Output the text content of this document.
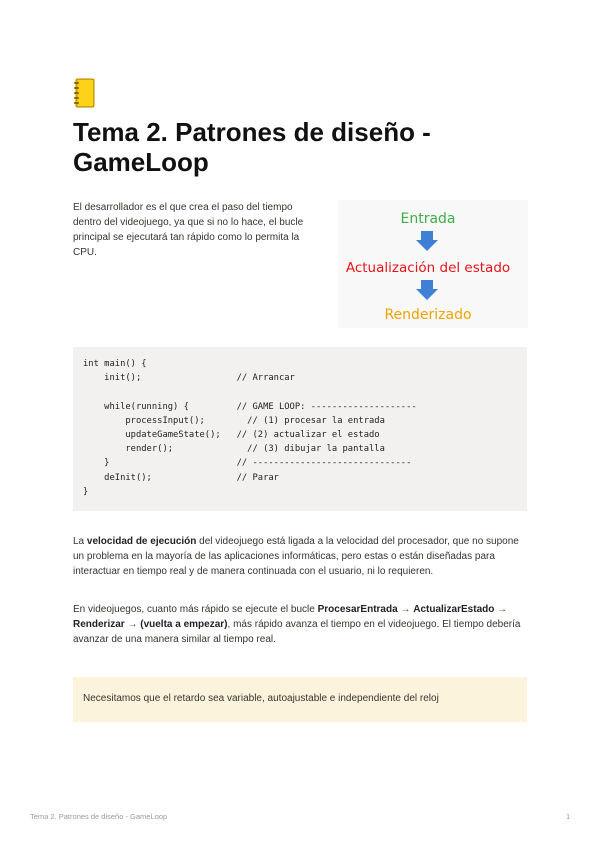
Tema 2. Patrones de diseño - GameLoop

El desarrollador es el que crea el paso del tiempo dentro del videojuego, ya que si no lo hace, el bucle principal se ejecutará tan rápido como lo permita la CPU.

Entrada
Actualización del estado
Renderizado
int main() {
init();                  // Arrancar
while(running) {         // GAME LOOP: --------------------
processInput();        // (1) procesar la entrada
updateGameState();   // (2) actualizar el estado
render();              // (3) dibujar la pantalla
}                        // ------------------------------
deInit();                // Parar
}

La velocidad de ejecución del videojuego está ligada a la velocidad del procesador, que no supone un problema en la mayoría de las aplicaciones informáticas, pero estas o están diseñadas para interactuar en tiempo real y de manera continuada con el usuario, ni lo requieren.

En videojuegos, cuanto más rápido se ejecute el bucle ProcesarEntrada → ActualizarEstado → Renderizar → (vuelta a empezar), más rápido avanza el tiempo en el videojuego. El tiempo debería avanzar de una manera similar al tiempo real.

Necesitamos que el retardo sea variable, autoajustable e independiente del reloj
Tema 2. Patrones de diseño - GameLoop	1
